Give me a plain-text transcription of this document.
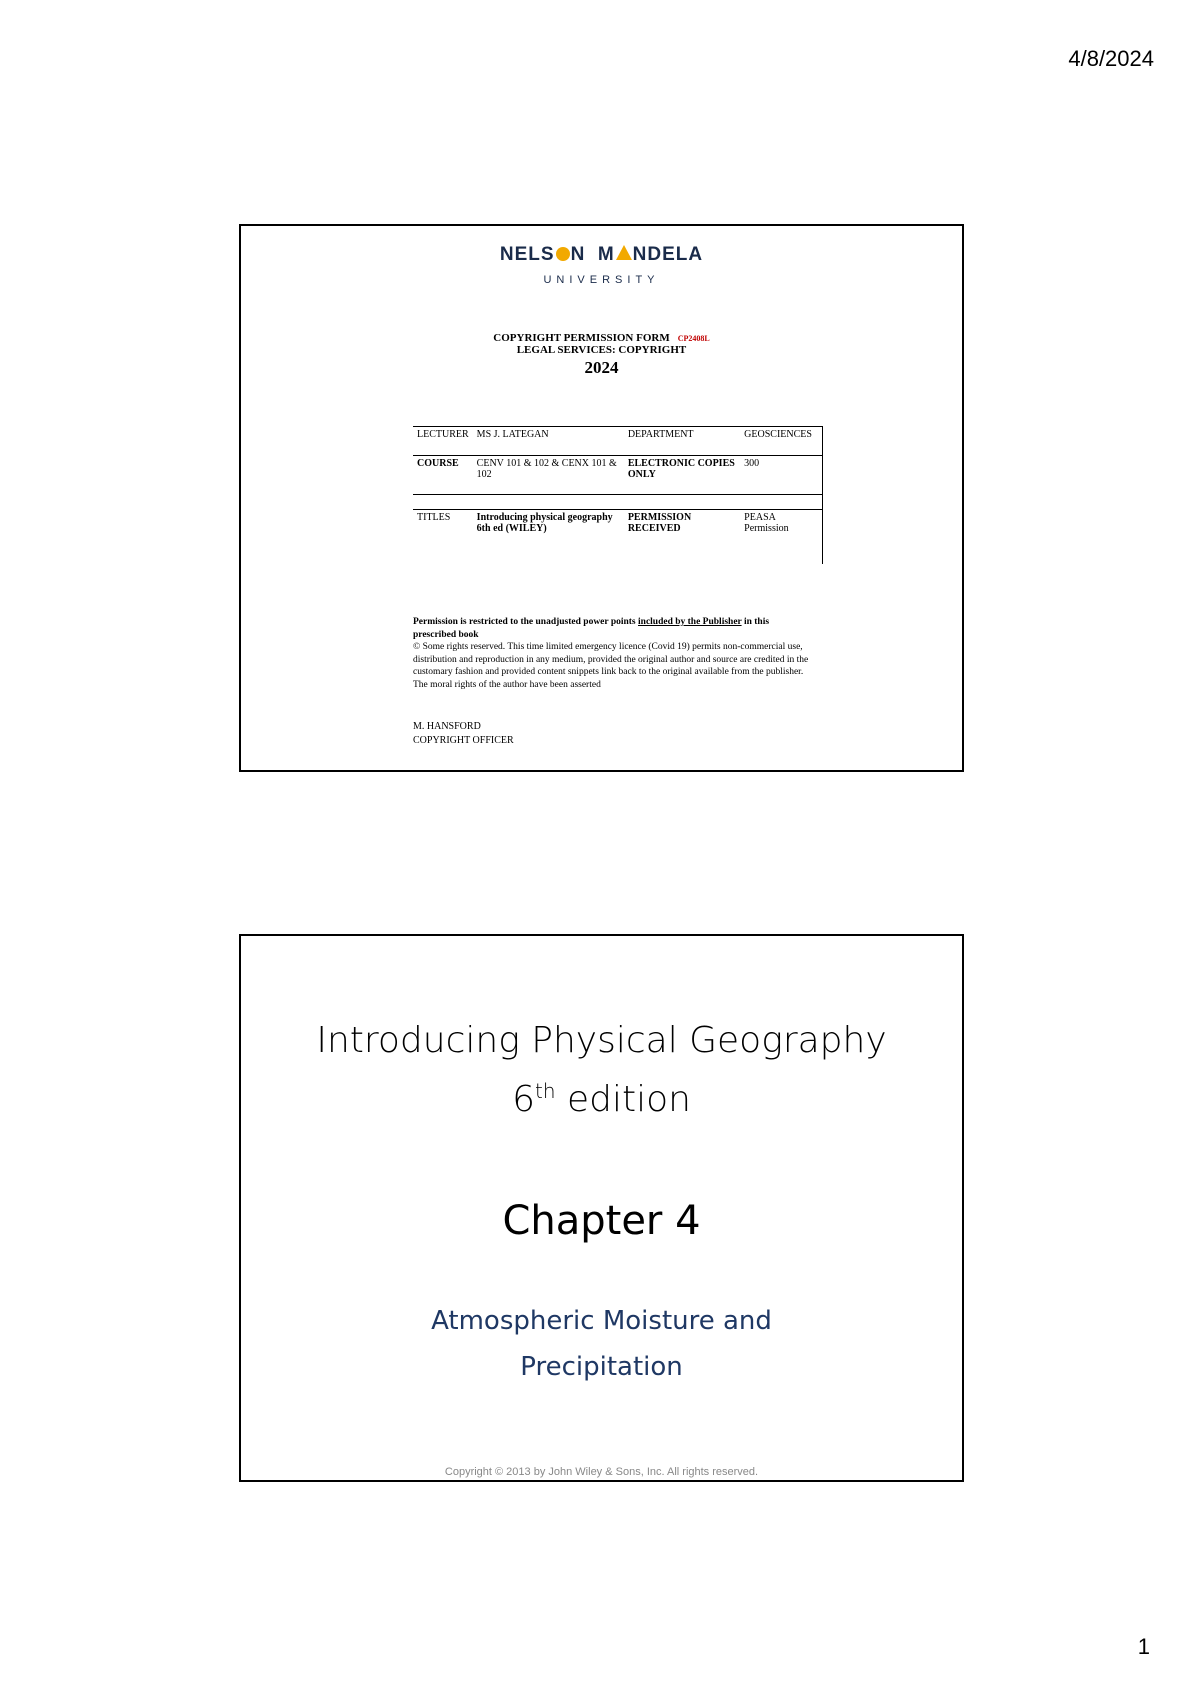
4/8/2024
NELS N  M NDELA
UNIVERSITY
COPYRIGHT PERMISSION FORM CP2408L
LEGAL SERVICES: COPYRIGHT
2024
LECTURER	MS J. LATEGAN	DEPARTMENT	GEOSCIENCES
COURSE	CENV 101 & 102 & CENX 101 & 102	ELECTRONIC COPIES ONLY	300

TITLES	Introducing physical geography 6th ed (WILEY)	PERMISSION RECEIVED	PEASA Permission
Permission is restricted to the unadjusted power points included by the Publisher in this prescribed book
© Some rights reserved. This time limited emergency licence (Covid 19) permits non-commercial use, distribution and reproduction in any medium, provided the original author and source are credited in the customary fashion and provided content snippets link back to the original available from the publisher. The moral rights of the author have been asserted
M. HANSFORD
COPYRIGHT OFFICER
Introducing Physical Geography
6th edition
Chapter 4
Atmospheric Moisture and
Precipitation
Copyright © 2013 by John Wiley & Sons, Inc. All rights reserved.
1
